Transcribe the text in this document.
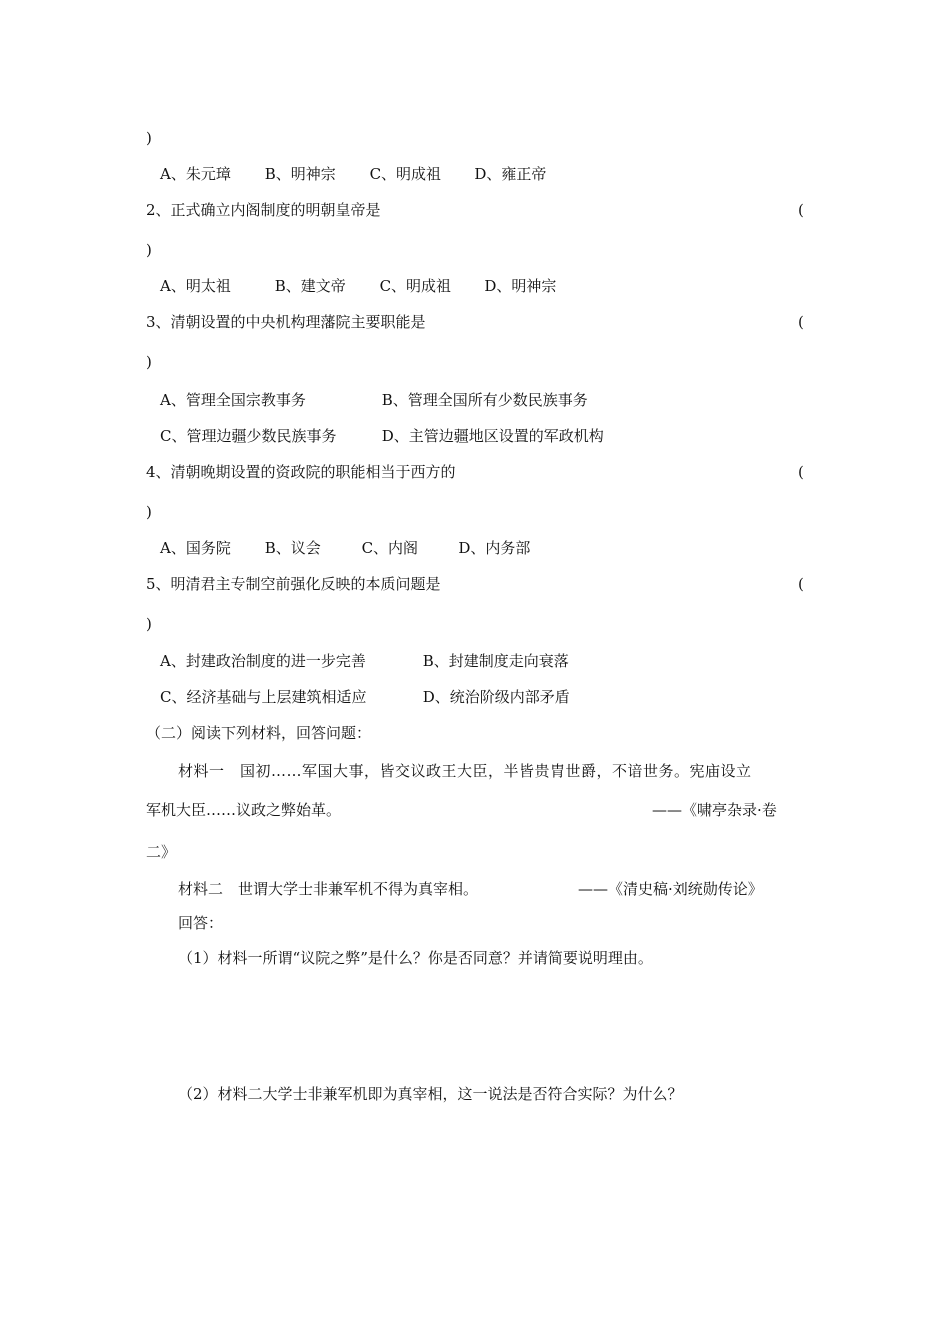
)
A、朱元璋 B、明神宗 C、明成祖 D、雍正帝
2、正式确立内阁制度的明朝皇帝是	(
)
A、明太祖	B、建文帝 C、明成祖 D、明神宗
3、清朝设置的中央机构理藩院主要职能是	(
)
A、管理全国宗教事务	B、管理全国所有少数民族事务
C、管理边疆少数民族事务	D、主管边疆地区设置的军政机构
4、清朝晚期设置的资政院的职能相当于西方的	(
)
A、国务院 B、议会	C、内阁	D、内务部
5、明清君主专制空前强化反映的本质问题是	(
)
A、封建政治制度的进一步完善	B、封建制度走向衰落
C、经济基础与上层建筑相适应	D、统治阶级内部矛盾
（二）阅读下列材料，回答问题：
材料一　国初……军国大事，皆交议政王大臣，半皆贵胄世爵，不谙世务。宪庙设立
军机大臣……议政之弊始革。	——《啸亭杂录·卷
二》
材料二　世谓大学士非兼军机不得为真宰相。	——《清史稿·刘统勋传论》
回答：
（1）材料一所谓“议院之弊”是什么？你是否同意？并请简要说明理由。
（2）材料二大学士非兼军机即为真宰相，这一说法是否符合实际？为什么？
